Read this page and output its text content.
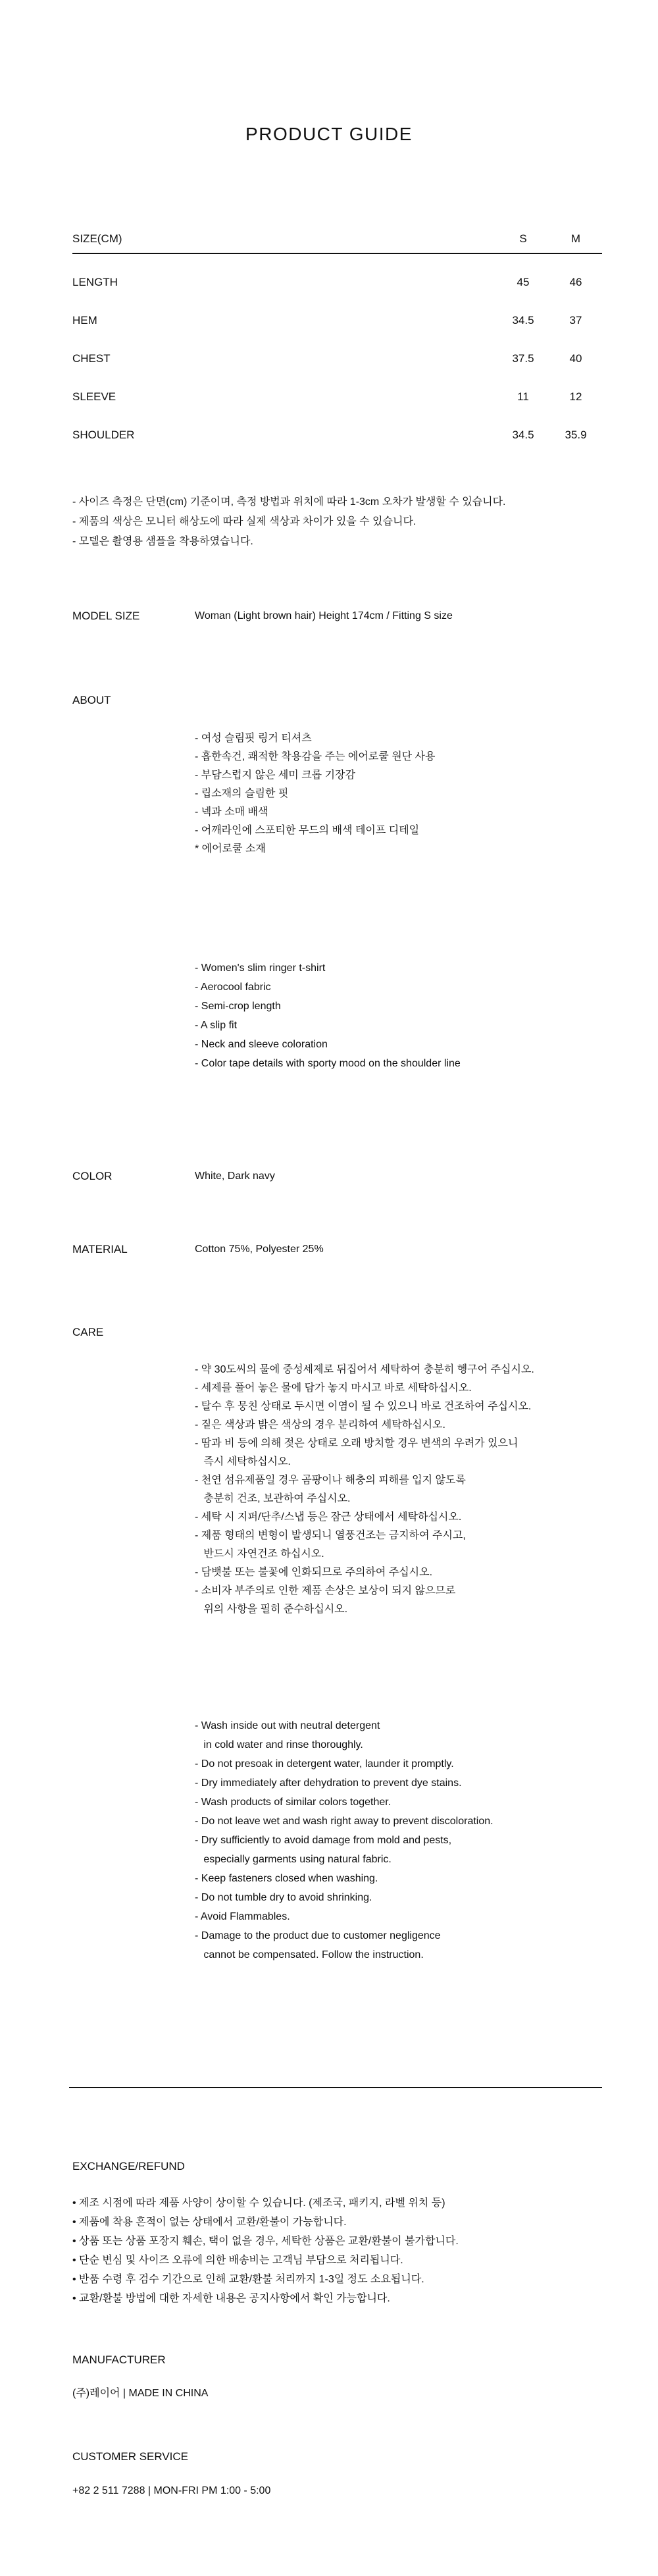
PRODUCT GUIDE
SIZE(CM)	S	M
LENGTH	45	46
HEM	34.5	37
CHEST	37.5	40
SLEEVE	11	12
SHOULDER	34.5	35.9
- 사이즈 측정은 단면(cm) 기준이며, 측정 방법과 위치에 따라 1-3cm 오차가 발생할 수 있습니다.
- 제품의 색상은 모니터 해상도에 따라 실제 색상과 차이가 있을 수 있습니다.
- 모델은 촬영용 샘플을 착용하였습니다.
MODEL SIZE	Woman (Light brown hair) Height 174cm / Fitting S size
ABOUT

- 여성 슬림핏 링거 티셔츠
- 흡한속건, 쾌적한 착용감을 주는 에어로쿨 원단 사용
- 부담스럽지 않은 세미 크롭 기장감
- 립소재의 슬림한 핏
- 넥과 소매 배색
- 어깨라인에 스포티한 무드의 배색 테이프 디테일
* 에어로쿨 소재

- Women's slim ringer t-shirt
- Aerocool fabric
- Semi-crop length
- A slip fit
- Neck and sleeve coloration
- Color tape details with sporty mood on the shoulder line

COLOR	White, Dark navy
MATERIAL	Cotton 75%, Polyester 25%
CARE

- 약 30도씨의 물에 중성세제로 뒤집어서 세탁하여 충분히 헹구어 주십시오.
- 세제를 풀어 놓은 물에 담가 놓지 마시고 바로 세탁하십시오.
- 탈수 후 뭉친 상태로 두시면 이염이 될 수 있으니 바로 건조하여 주십시오.
- 짙은 색상과 밝은 색상의 경우 분리하여 세탁하십시오.
- 땀과 비 등에 의해 젖은 상태로 오래 방치할 경우 변색의 우려가 있으니
즉시 세탁하십시오.
- 천연 섬유제품일 경우 곰팡이나 해충의 피해를 입지 않도록
충분히 건조, 보관하여 주십시오.
- 세탁 시 지퍼/단추/스냅 등은 잠근 상태에서 세탁하십시오.
- 제품 형태의 변형이 발생되니 열풍건조는 금지하여 주시고,
반드시 자연건조 하십시오.
- 담뱃불 또는 불꽃에 인화되므로 주의하여 주십시오.
- 소비자 부주의로 인한 제품 손상은 보상이 되지 않으므로
위의 사항을 필히 준수하십시오.

- Wash inside out with neutral detergent
in cold water and rinse thoroughly.
- Do not presoak in detergent water, launder it promptly.
- Dry immediately after dehydration to prevent dye stains.
- Wash products of similar colors together.
- Do not leave wet and wash right away to prevent discoloration.
- Dry sufficiently to avoid damage from mold and pests,
especially garments using natural fabric.
- Keep fasteners closed when washing.
- Do not tumble dry to avoid shrinking.
- Avoid Flammables.
- Damage to the product due to customer negligence
cannot be compensated. Follow the instruction.

EXCHANGE/REFUND
• 제조 시점에 따라 제품 사양이 상이할 수 있습니다. (제조국, 패키지, 라벨 위치 등)
• 제품에 착용 흔적이 없는 상태에서 교환/환불이 가능합니다.
• 상품 또는 상품 포장지 훼손, 택이 없을 경우, 세탁한 상품은 교환/환불이 불가합니다.
• 단순 변심 및 사이즈 오류에 의한 배송비는 고객님 부담으로 처리됩니다.
• 반품 수령 후 검수 기간으로 인해 교환/환불 처리까지 1-3일 정도 소요됩니다.
• 교환/환불 방법에 대한 자세한 내용은 공지사항에서 확인 가능합니다.
MANUFACTURER
(주)레이어 | MADE IN CHINA
CUSTOMER SERVICE
+82 2 511 7288 | MON-FRI PM 1:00 - 5:00
